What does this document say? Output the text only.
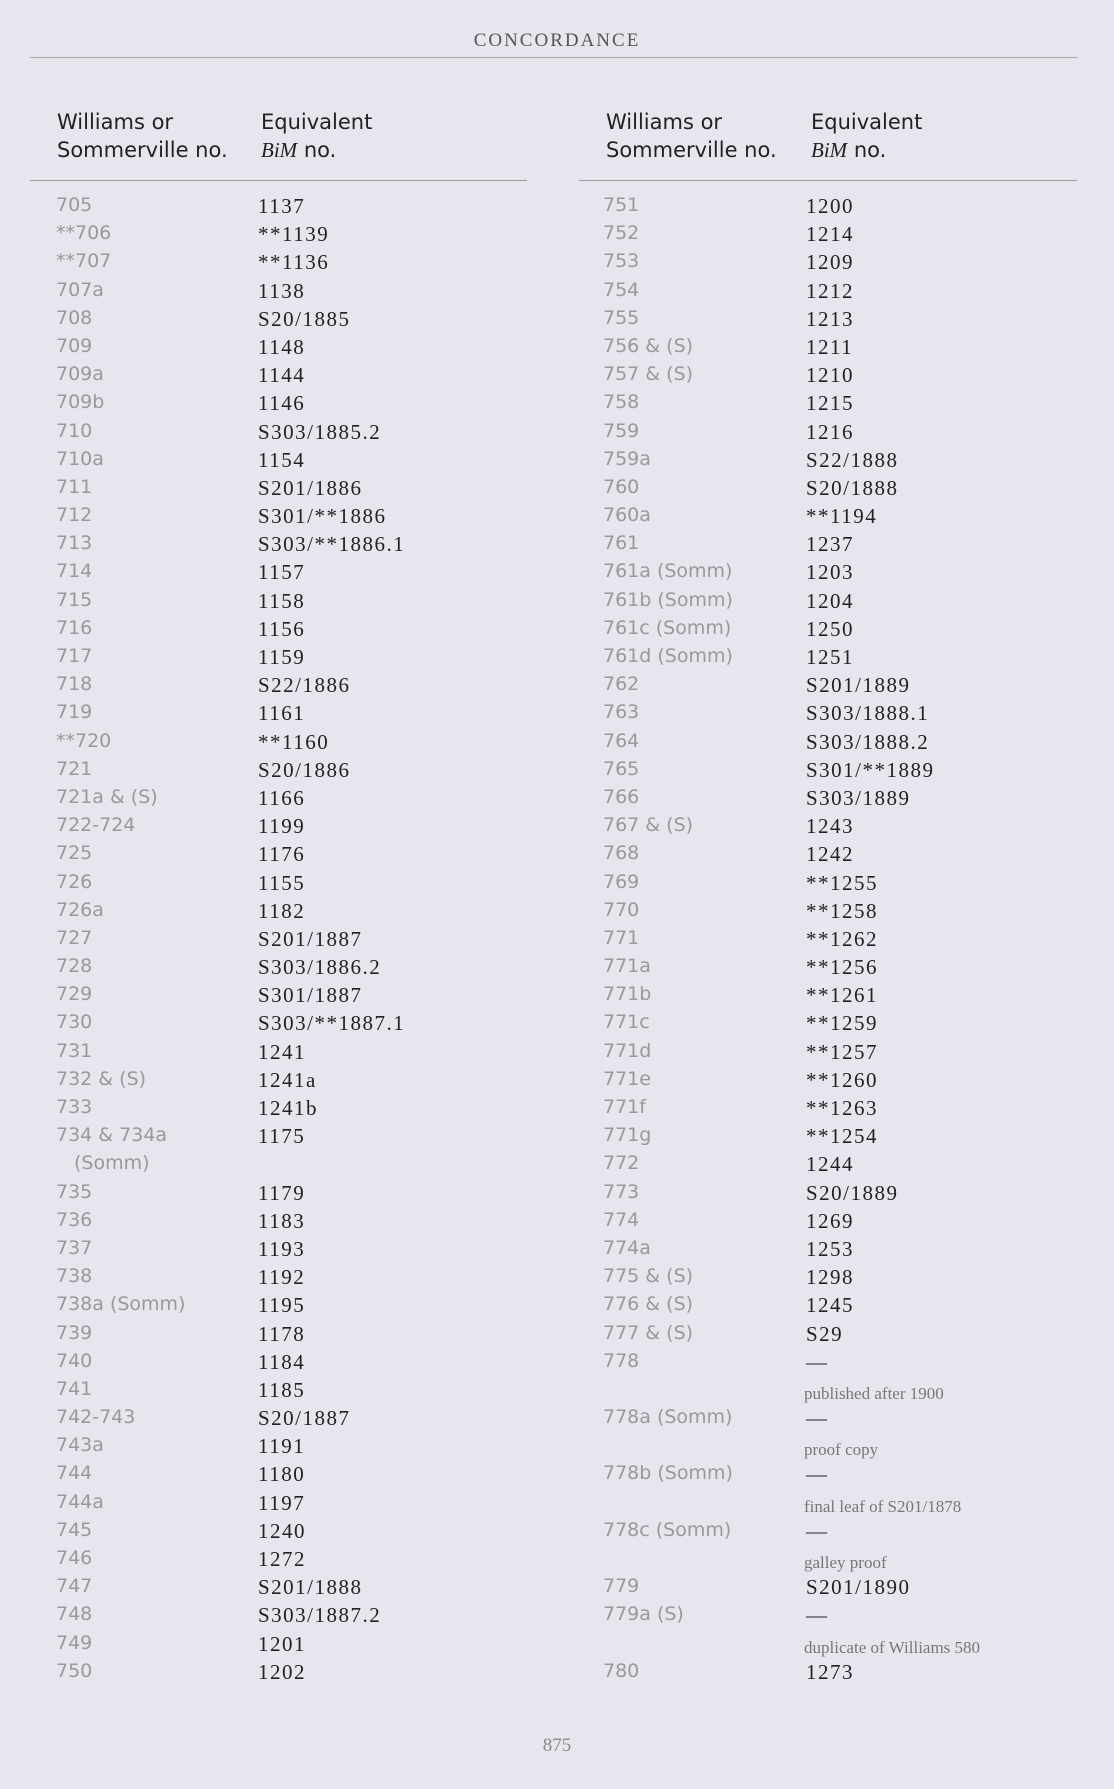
CONCORDANCE
Williams or
Sommerville no.
Equivalent
BiM no.
705	1137
**706	**1139
**707	**1136
707a	1138
708	S20/1885
709	1148
709a	1144
709b	1146
710	S303/1885.2
710a	1154
711	S201/1886
712	S301/**1886
713	S303/**1886.1
714	1157
715	1158
716	1156
717	1159
718	S22/1886
719	1161
**720	**1160
721	S20/1886
721a & (S)	1166
722-724	1199
725	1176
726	1155
726a	1182
727	S201/1887
728	S303/1886.2
729	S301/1887
730	S303/**1887.1
731	1241
732 & (S)	1241a
733	1241b
734 & 734a	1175
(Somm)
735	1179
736	1183
737	1193
738	1192
738a (Somm)	1195
739	1178
740	1184
741	1185
742-743	S20/1887
743a	1191
744	1180
744a	1197
745	1240
746	1272
747	S201/1888
748	S303/1887.2
749	1201
750	1202
Williams or
Sommerville no.
Equivalent
BiM no.
751	1200
752	1214
753	1209
754	1212
755	1213
756 & (S)	1211
757 & (S)	1210
758	1215
759	1216
759a	S22/1888
760	S20/1888
760a	**1194
761	1237
761a (Somm)	1203
761b (Somm)	1204
761c (Somm)	1250
761d (Somm)	1251
762	S201/1889
763	S303/1888.1
764	S303/1888.2
765	S301/**1889
766	S303/1889
767 & (S)	1243
768	1242
769	**1255
770	**1258
771	**1262
771a	**1256
771b	**1261
771c	**1259
771d	**1257
771e	**1260
771f	**1263
771g	**1254
772	1244
773	S20/1889
774	1269
774a	1253
775 & (S)	1298
776 & (S)	1245
777 & (S)	S29
778	—
published after 1900
778a (Somm)	—
proof copy
778b (Somm)	—
final leaf of S201/1878
778c (Somm)	—
galley proof
779	S201/1890
779a (S)	—
duplicate of Williams 580
780	1273
875
